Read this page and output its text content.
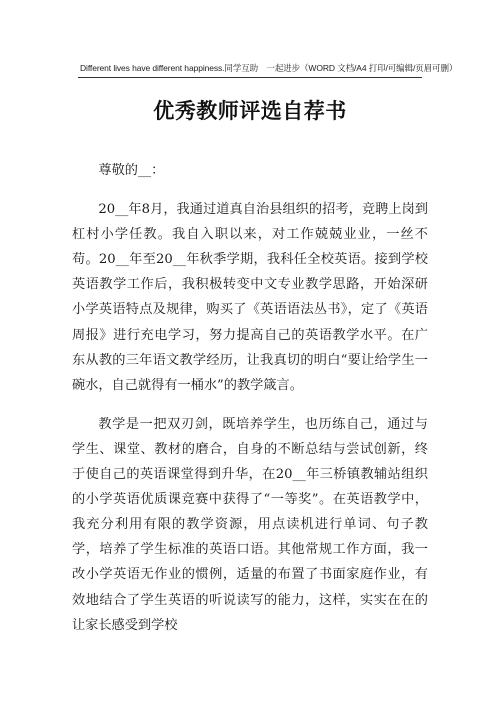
Different lives have different happiness.同学互助　一起进步（WORD 文档/A4 打印/可编辑/页眉可删）
优秀教师评选自荐书

尊敬的__：

20__年8月，我通过道真自治县组织的招考，竞聘上岗到杠村小学任教。我自入职以来，对工作兢兢业业，一丝不苟。20__年至20__年秋季学期，我科任全校英语。接到学校英语教学工作后，我积极转变中文专业教学思路，开始深研小学英语特点及规律，购买了《英语语法丛书》，定了《英语周报》进行充电学习，努力提高自己的英语教学水平。在广东从教的三年语文教学经历，让我真切的明白“要让给学生一碗水，自己就得有一桶水”的教学箴言。

教学是一把双刃剑，既培养学生，也历练自己，通过与学生、课堂、教材的磨合，自身的不断总结与尝试创新，终于使自己的英语课堂得到升华，在20__年三桥镇教辅站组织的小学英语优质课竞赛中获得了“一等奖”。在英语教学中，我充分利用有限的教学资源，用点读机进行单词、句子教学，培养了学生标准的英语口语。其他常规工作方面，我一改小学英语无作业的惯例，适量的布置了书面家庭作业，有效地结合了学生英语的听说读写的能力，这样，实实在在的让家长感受到学校
